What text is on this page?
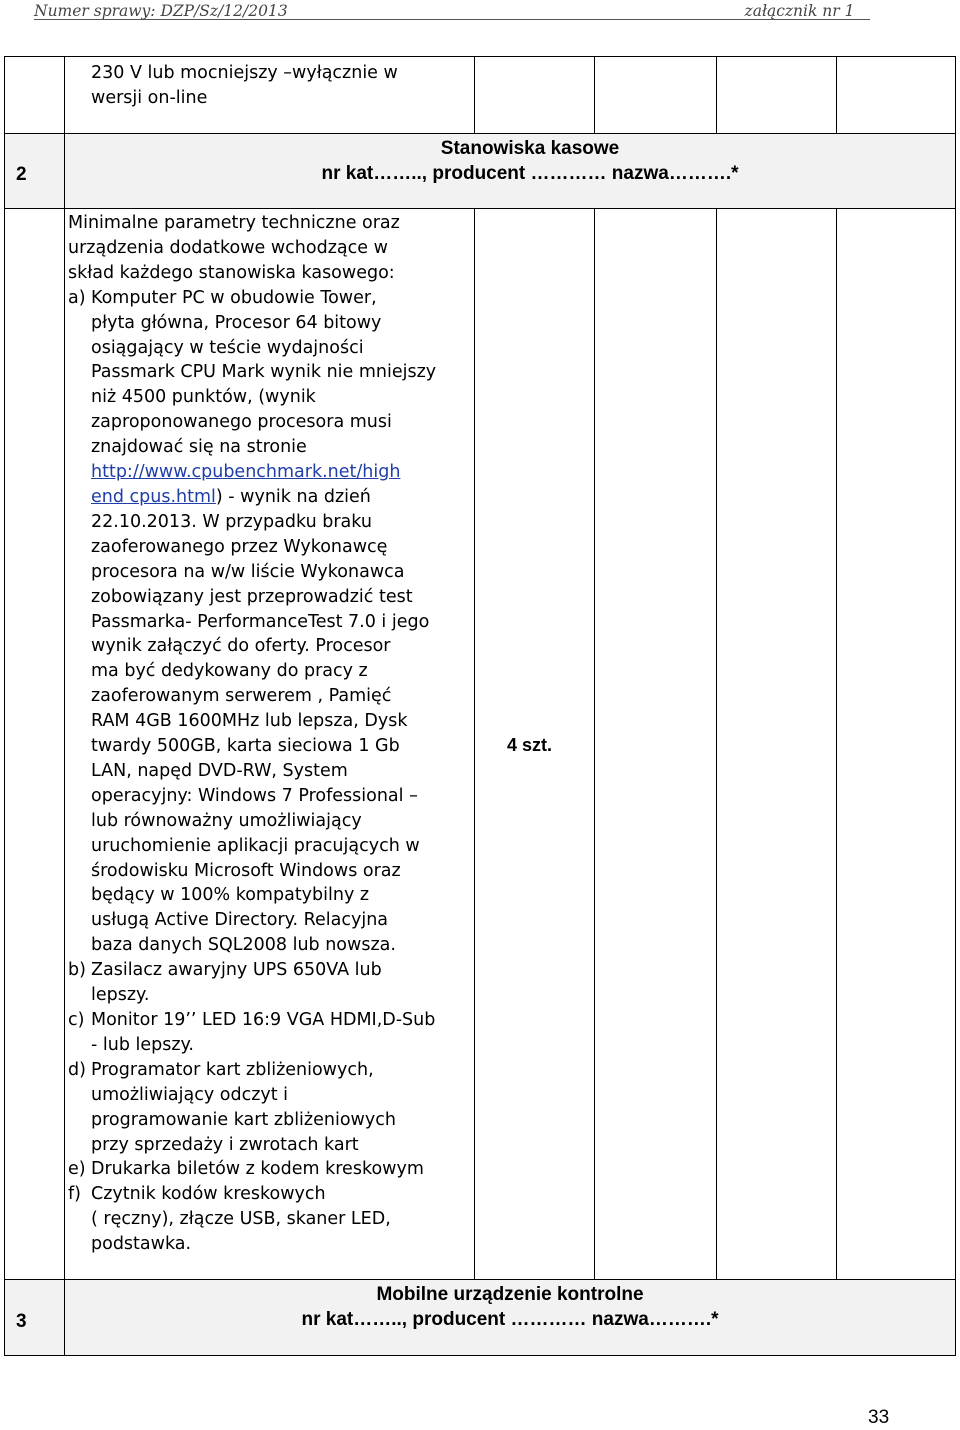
Numer sprawy: DZP/Sz/12/2013_______________________	____________załącznik nr 1__
230 V lub mocniejszy –wyłącznie w
wersji on-line
2
Stanowiska kasowe
nr kat…….., producent ………… nazwa……….*

Minimalne parametry techniczne oraz

urządzenia dodatkowe wchodzące w

skład każdego stanowiska kasowego:

a) Komputer PC w obudowie Tower,

płyta główna, Procesor 64 bitowy

osiągający w teście wydajności

Passmark CPU Mark wynik nie mniejszy

niż 4500 punktów, (wynik

zaproponowanego procesora musi

znajdować się na stronie

http://www.cpubenchmark.net/high

end cpus.html) - wynik na dzień

22.10.2013. W przypadku braku

zaoferowanego przez Wykonawcę

procesora na w/w liście Wykonawca

zobowiązany jest przeprowadzić test

Passmarka- PerformanceTest 7.0 i jego

wynik załączyć do oferty. Procesor

ma być dedykowany do pracy z

zaoferowanym serwerem , Pamięć

RAM 4GB 1600MHz lub lepsza, Dysk

twardy 500GB, karta sieciowa 1 Gb

LAN, napęd DVD-RW, System

operacyjny: Windows 7 Professional –

lub równoważny umożliwiający

uruchomienie aplikacji pracujących w

środowisku Microsoft Windows oraz

będący w 100% kompatybilny z

usługą Active Directory. Relacyjna

baza danych SQL2008 lub nowsza.

b) Zasilacz awaryjny UPS 650VA lub

lepszy.

c) Monitor 19’’ LED 16:9 VGA HDMI,D-Sub

- lub lepszy.

d) Programator kart zbliżeniowych,

umożliwiający odczyt i

programowanie kart zbliżeniowych

przy sprzedaży i zwrotach kart

e) Drukarka biletów z kodem kreskowym

f) Czytnik kodów kreskowych

( ręczny), złącze USB, skaner LED,

podstawka.

4 szt.
3
Mobilne urządzenie kontrolne
nr kat…….., producent ………… nazwa……….*
33
